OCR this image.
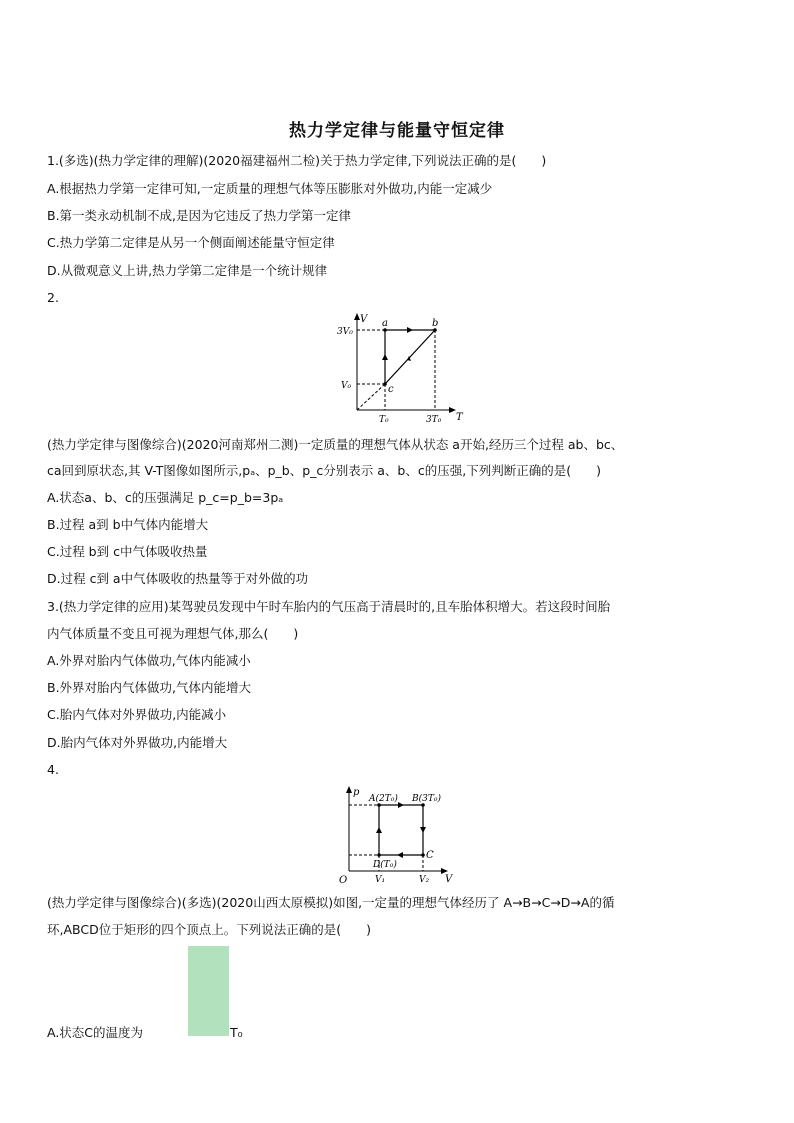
热力学定律与能量守恒定律
1.(多选)(热力学定律的理解)(2020福建福州二检)关于热力学定律,下列说法正确的是(　　)
A.根据热力学第一定律可知,一定质量的理想气体等压膨胀对外做功,内能一定减少
B.第一类永动机制不成,是因为它违反了热力学第一定律
C.热力学第二定律是从另一个侧面阐述能量守恒定律
D.从微观意义上讲,热力学第二定律是一个统计规律
2.
V
T
3V₀
V₀
T₀	3T₀
a	b
c
(热力学定律与图像综合)(2020河南郑州二测)一定质量的理想气体从状态 a开始,经历三个过程 ab、bc、
ca回到原状态,其 V-T图像如图所示,pₐ、p_b、p_c分别表示 a、b、c的压强,下列判断正确的是(　　)
A.状态a、b、c的压强满足 p_c=p_b=3pₐ
B.过程 a到 b中气体内能增大
C.过程 b到 c中气体吸收热量
D.过程 c到 a中气体吸收的热量等于对外做的功
3.(热力学定律的应用)某驾驶员发现中午时车胎内的气压高于清晨时的,且车胎体积增大。若这段时间胎
内气体质量不变且可视为理想气体,那么(　　)
A.外界对胎内气体做功,气体内能减小
B.外界对胎内气体做功,气体内能增大
C.胎内气体对外界做功,内能减小
D.胎内气体对外界做功,内能增大
4.
p
V
O
A(2T₀) B(3T₀)
C
D(T₀)
V₁	V₂
(热力学定律与图像综合)(多选)(2020山西太原模拟)如图,一定量的理想气体经历了 A→B→C→D→A的循
环,ABCD位于矩形的四个顶点上。下列说法正确的是(　　)
A.状态C的温度为	T₀
